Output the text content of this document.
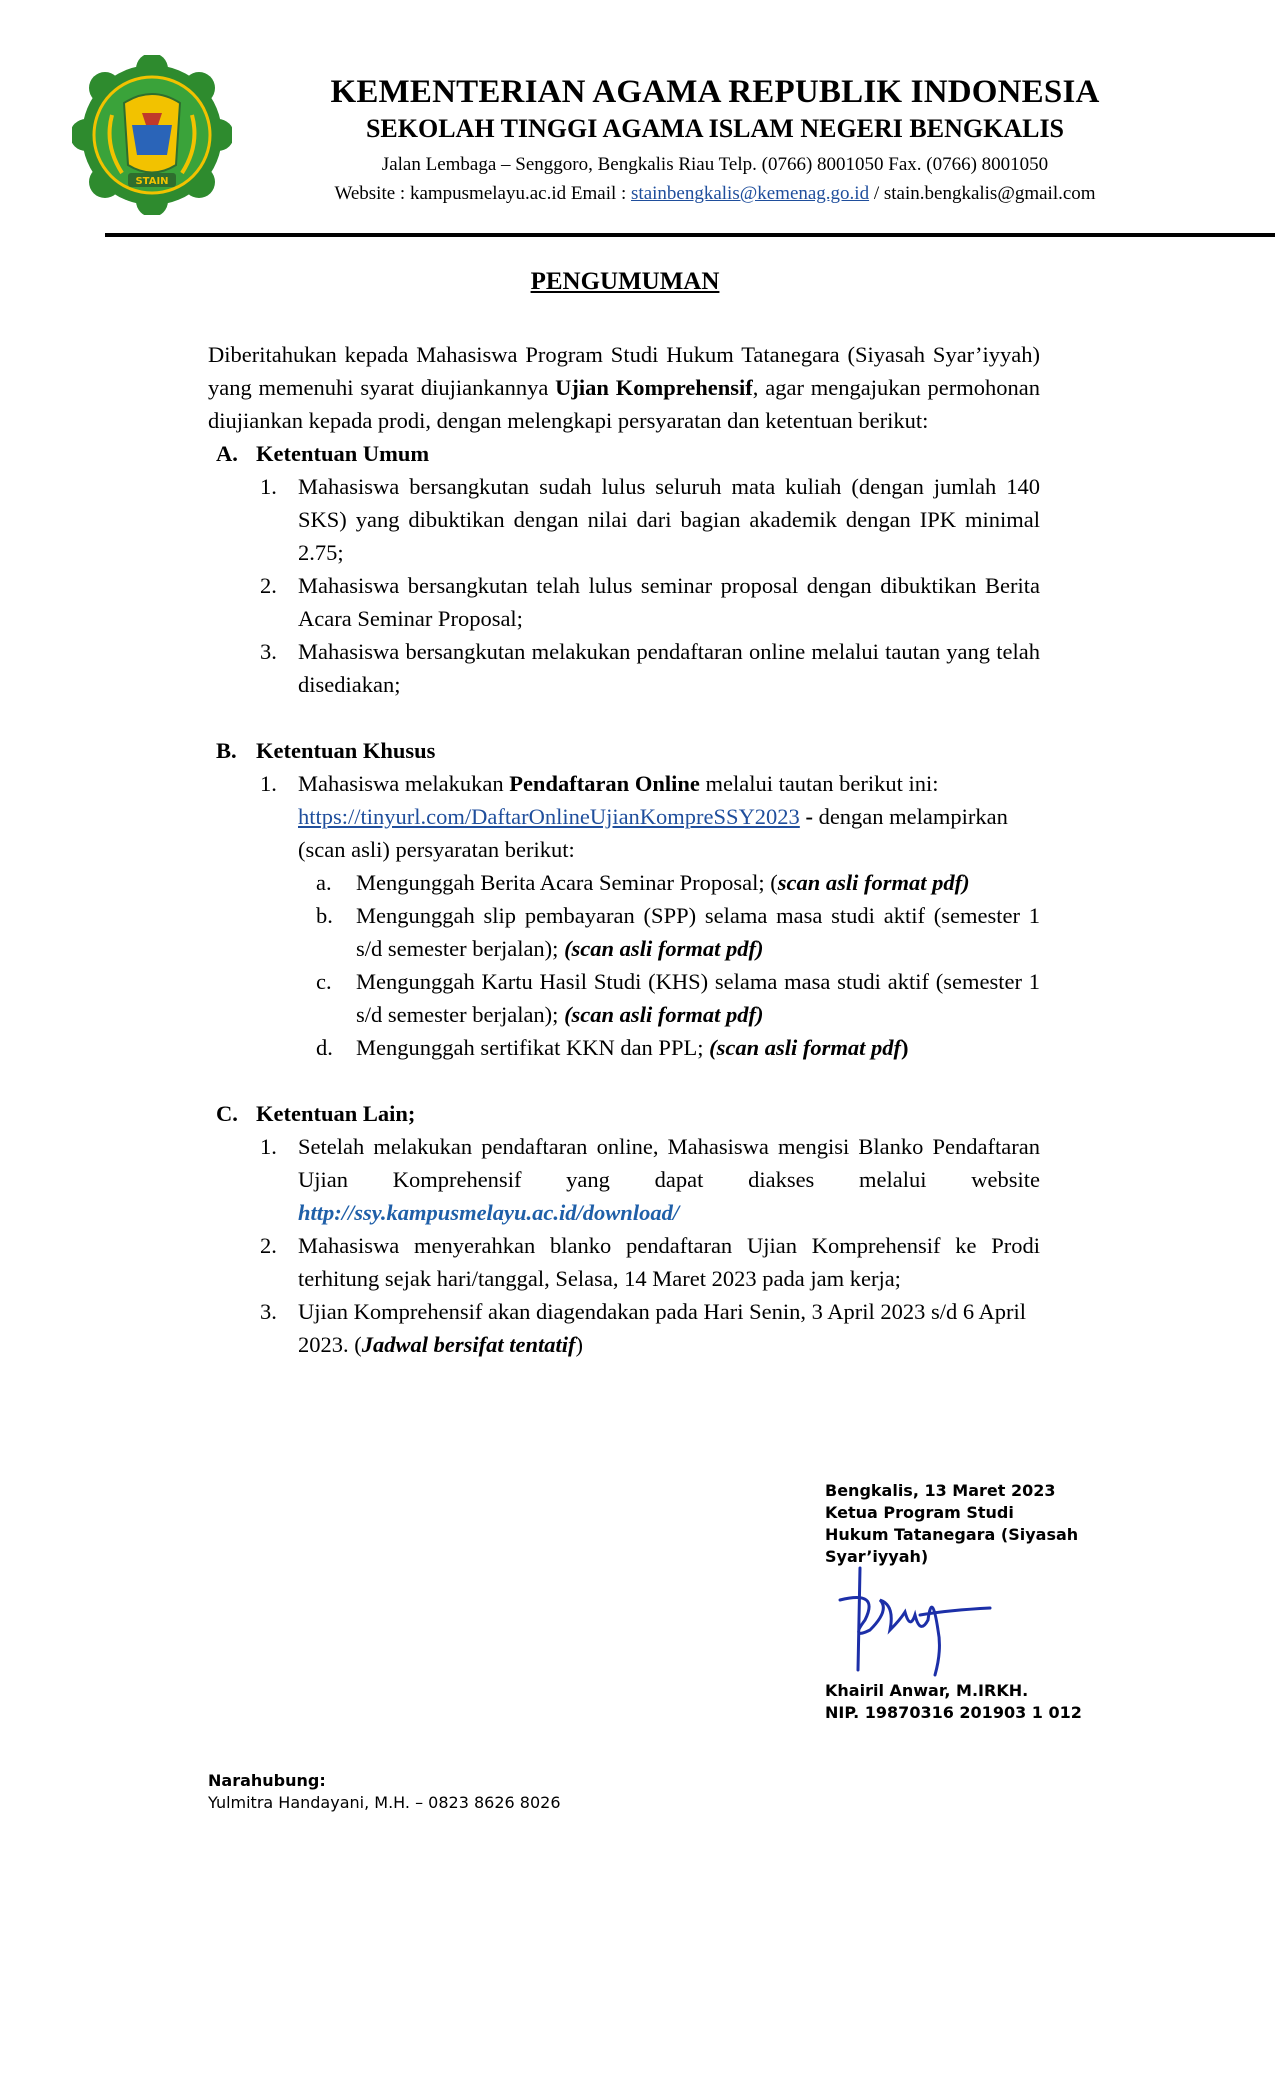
STAIN
KEMENTERIAN AGAMA REPUBLIK INDONESIA
SEKOLAH TINGGI AGAMA ISLAM NEGERI BENGKALIS
Jalan Lembaga – Senggoro, Bengkalis Riau Telp. (0766) 8001050 Fax. (0766) 8001050
Website : kampusmelayu.ac.id Email : stainbengkalis@kemenag.go.id / stain.bengkalis@gmail.com
PENGUMUMAN
Diberitahukan kepada Mahasiswa Program Studi Hukum Tatanegara (Siyasah Syar’iyyah) yang memenuhi syarat diujiankannya Ujian Komprehensif, agar mengajukan permohonan diujiankan kepada prodi, dengan melengkapi persyaratan dan ketentuan berikut:
A. Ketentuan Umum
1. Mahasiswa bersangkutan sudah lulus seluruh mata kuliah (dengan jumlah 140 SKS) yang dibuktikan dengan nilai dari bagian akademik dengan IPK minimal 2.75;
2. Mahasiswa bersangkutan telah lulus seminar proposal dengan dibuktikan Berita Acara Seminar Proposal;
3. Mahasiswa bersangkutan melakukan pendaftaran online melalui tautan yang telah disediakan;
B. Ketentuan Khusus
1. Mahasiswa melakukan Pendaftaran Online melalui tautan berikut ini:
https://tinyurl.com/DaftarOnlineUjianKompreSSY2023 - dengan melampirkan (scan asli) persyaratan berikut:
a. Mengunggah Berita Acara Seminar Proposal; (scan asli format pdf)
b. Mengunggah slip pembayaran (SPP) selama masa studi aktif (semester 1 s/d semester berjalan); (scan asli format pdf)
c. Mengunggah Kartu Hasil Studi (KHS) selama masa studi aktif (semester 1 s/d semester berjalan); (scan asli format pdf)
d. Mengunggah sertifikat KKN dan PPL; (scan asli format pdf)
C. Ketentuan Lain;
1. Setelah melakukan pendaftaran online, Mahasiswa mengisi Blanko Pendaftaran Ujian Komprehensif yang dapat diakses melalui website http://ssy.kampusmelayu.ac.id/download/
2. Mahasiswa menyerahkan blanko pendaftaran Ujian Komprehensif ke Prodi terhitung sejak hari/tanggal, Selasa, 14 Maret 2023 pada jam kerja;
3. Ujian Komprehensif akan diagendakan pada Hari Senin, 3 April 2023 s/d 6 April 2023. (Jadwal bersifat tentatif)
Bengkalis, 13 Maret 2023
Ketua Program Studi
Hukum Tatanegara (Siyasah
Syar’iyyah)
Khairil Anwar, M.IRKH.
NIP. 19870316 201903 1 012
Narahubung:
Yulmitra Handayani, M.H. – 0823 8626 8026
